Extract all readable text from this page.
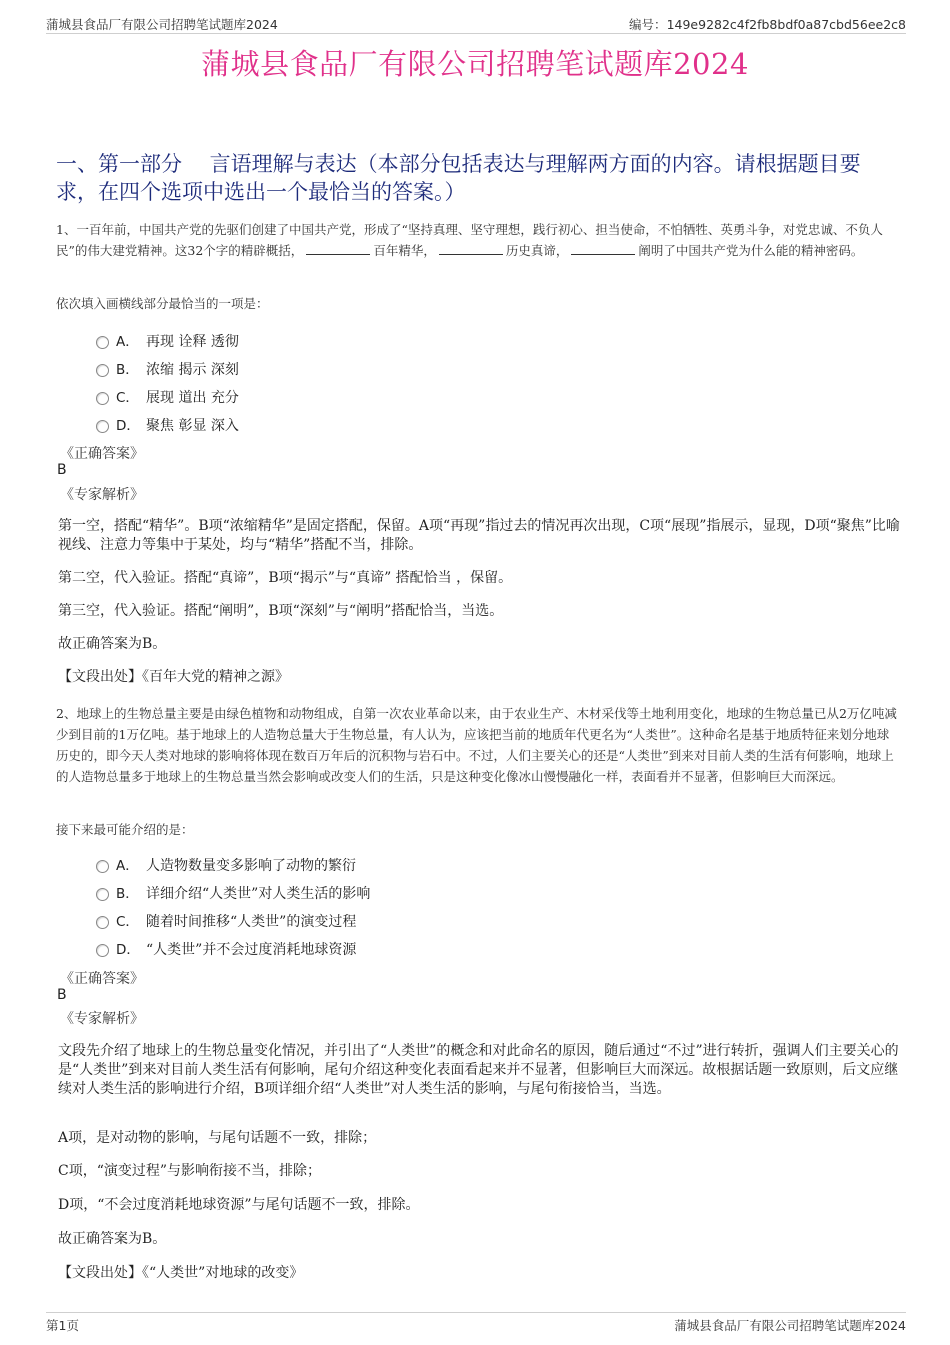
蒲城县食品厂有限公司招聘笔试题库2024	编号：149e9282c4f2fb8bdf0a87cbd56ee2c8
蒲城县食品厂有限公司招聘笔试题库2024
一、第一部分　 言语理解与表达（本部分包括表达与理解两方面的内容。请根据题目要求，在四个选项中选出一个最恰当的答案。）
1、一百年前，中国共产党的先驱们创建了中国共产党，形成了“坚持真理、坚守理想，践行初心、担当使命，不怕牺牲、英勇斗争，对党忠诚、不负人民”的伟大建党精神。这32个字的精辟概括，	百年精华，	历史真谛，	阐明了中国共产党为什么能的精神密码。
依次填入画横线部分最恰当的一项是：
A． 再现 诠释 透彻
B． 浓缩 揭示 深刻
C． 展现 道出 充分
D． 聚焦 彰显 深入
《正确答案》
B
《专家解析》
第一空，搭配“精华”。B项“浓缩精华”是固定搭配，保留。A项“再现”指过去的情况再次出现，C项“展现”指展示，显现，D项“聚焦”比喻视线、注意力等集中于某处，均与“精华”搭配不当，排除。
第二空，代入验证。搭配“真谛”，B项“揭示”与“真谛” 搭配恰当 ，保留。
第三空，代入验证。搭配“阐明”，B项“深刻”与“阐明”搭配恰当，当选。
故正确答案为B。
【文段出处】《百年大党的精神之源》
2、地球上的生物总量主要是由绿色植物和动物组成，自第一次农业革命以来，由于农业生产、木材采伐等土地利用变化，地球的生物总量已从2万亿吨减少到目前的1万亿吨。基于地球上的人造物总量大于生物总量，有人认为，应该把当前的地质年代更名为“人类世”。这种命名是基于地质特征来划分地球历史的，即今天人类对地球的影响将体现在数百万年后的沉积物与岩石中。不过，人们主要关心的还是“人类世”到来对目前人类的生活有何影响，地球上的人造物总量多于地球上的生物总量当然会影响或改变人们的生活，只是这种变化像冰山慢慢融化一样，表面看并不显著，但影响巨大而深远。
接下来最可能介绍的是：
A． 人造物数量变多影响了动物的繁衍
B． 详细介绍“人类世”对人类生活的影响
C． 随着时间推移“人类世”的演变过程
D． “人类世”并不会过度消耗地球资源
《正确答案》
B
《专家解析》
文段先介绍了地球上的生物总量变化情况，并引出了“人类世”的概念和对此命名的原因，随后通过“不过”进行转折，强调人们主要关心的是“人类世”到来对目前人类生活有何影响，尾句介绍这种变化表面看起来并不显著，但影响巨大而深远。故根据话题一致原则，后文应继续对人类生活的影响进行介绍，B项详细介绍“人类世”对人类生活的影响，与尾句衔接恰当，当选。
A项，是对动物的影响，与尾句话题不一致，排除；
C项，“演变过程”与影响衔接不当，排除；
D项，“不会过度消耗地球资源”与尾句话题不一致，排除。
故正确答案为B。
【文段出处】《“人类世”对地球的改变》
第1页	蒲城县食品厂有限公司招聘笔试题库2024
